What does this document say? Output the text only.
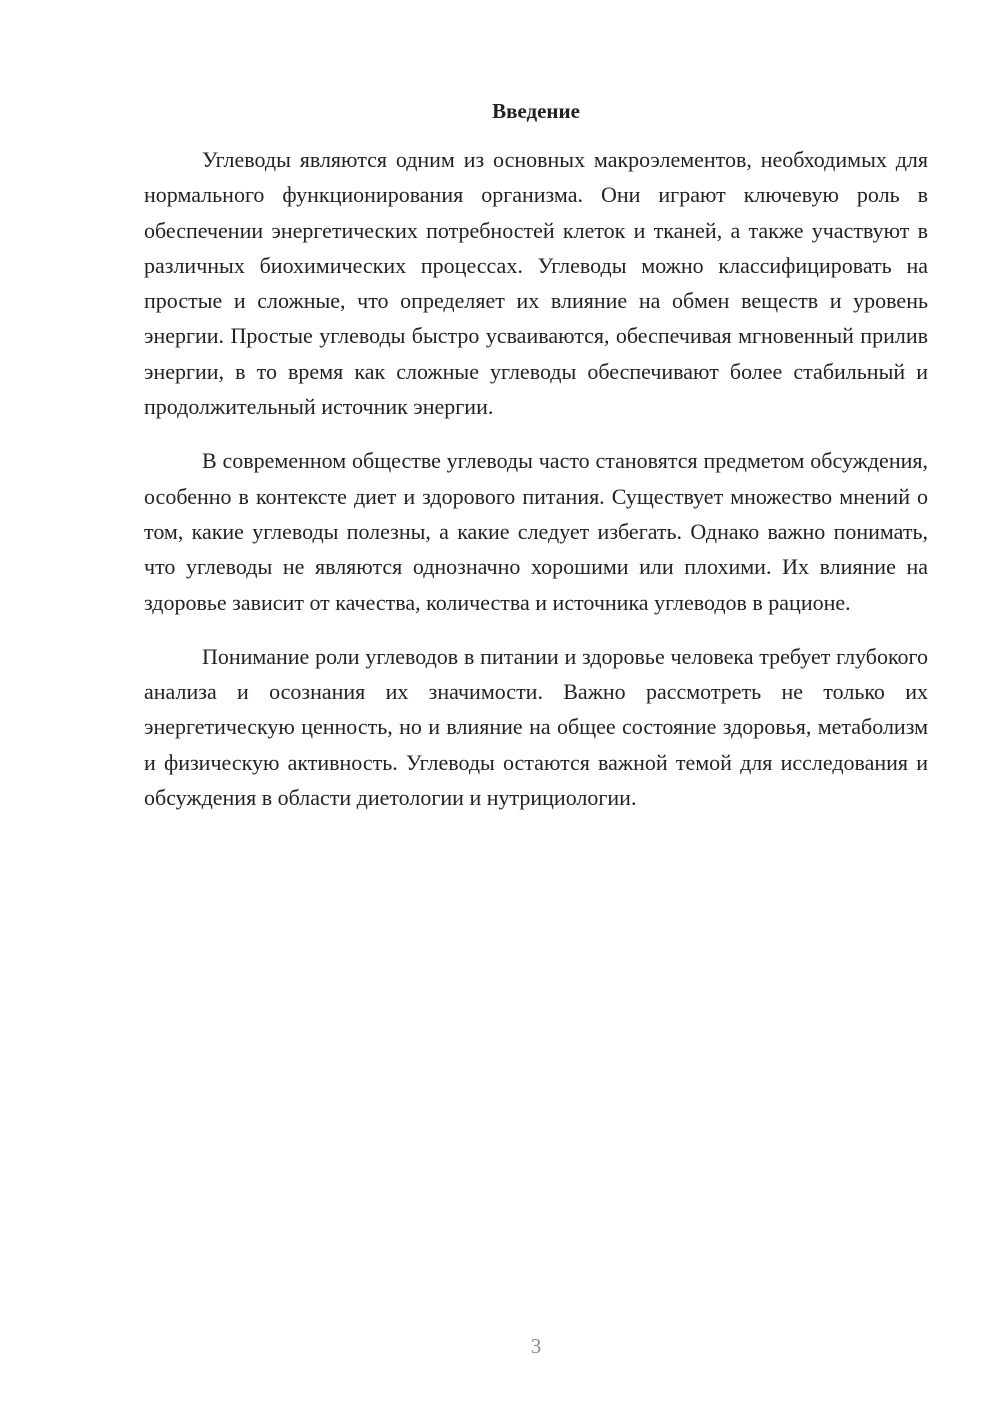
Введение

Углеводы являются одним из основных макроэлементов, необходимых для нормального функционирования организма. Они играют ключевую роль в обеспечении энергетических потребностей клеток и тканей, а также участвуют в различных биохимических процессах. Углеводы можно классифицировать на простые и сложные, что определяет их влияние на обмен веществ и уровень энергии. Простые углеводы быстро усваиваются, обеспечивая мгновенный прилив энергии, в то время как сложные углеводы обеспечивают более стабильный и продолжительный источник энергии.

В современном обществе углеводы часто становятся предметом обсуждения, особенно в контексте диет и здорового питания. Существует множество мнений о том, какие углеводы полезны, а какие следует избегать. Однако важно понимать, что углеводы не являются однозначно хорошими или плохими. Их влияние на здоровье зависит от качества, количества и источника углеводов в рационе.

Понимание роли углеводов в питании и здоровье человека требует глубокого анализа и осознания их значимости. Важно рассмотреть не только их энергетическую ценность, но и влияние на общее состояние здоровья, метаболизм и физическую активность. Углеводы остаются важной темой для исследования и обсуждения в области диетологии и нутрициологии.

3
